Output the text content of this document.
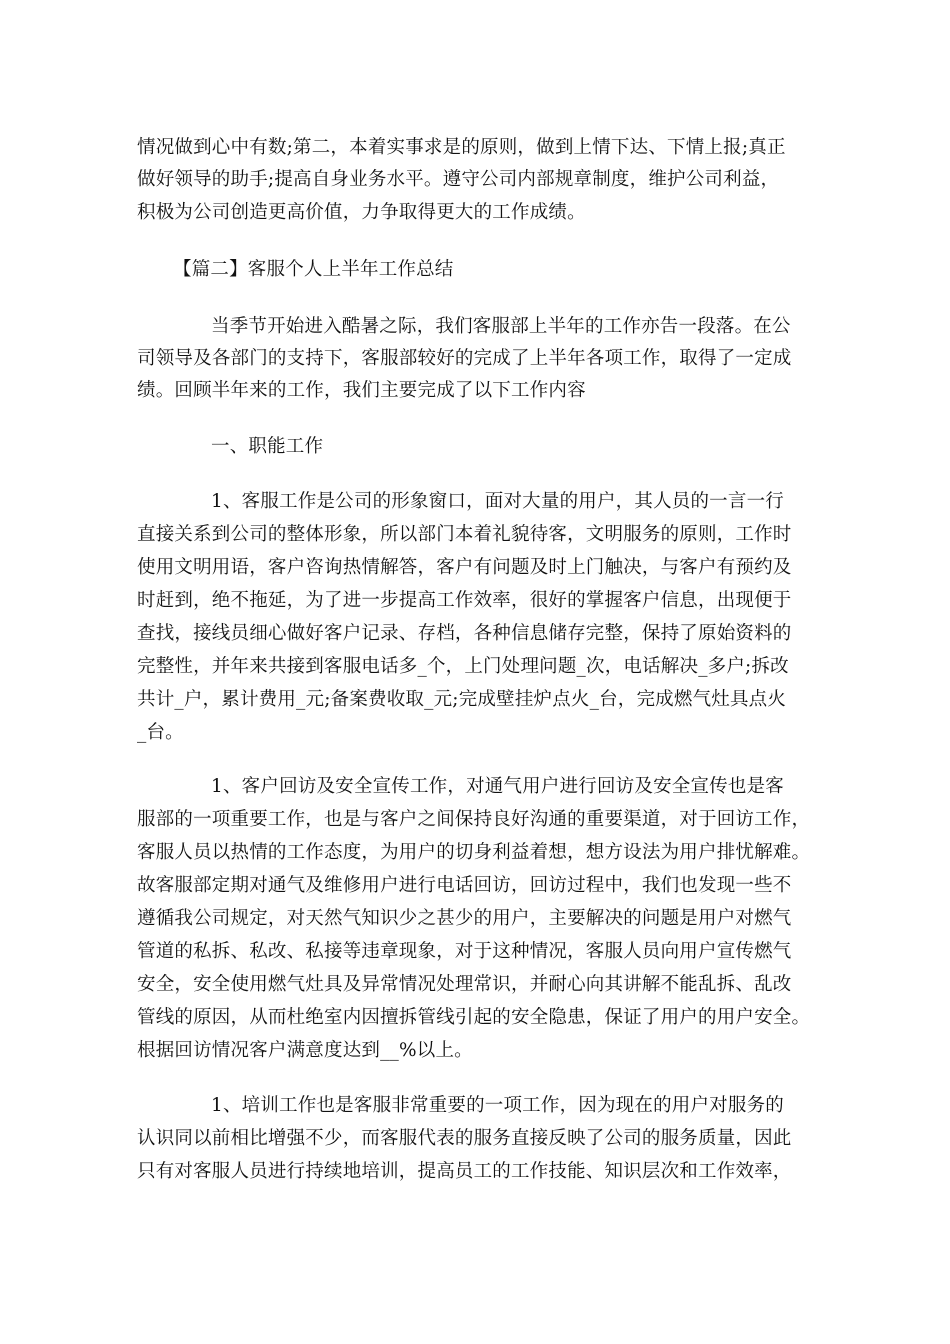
情况做到心中有数;第二，本着实事求是的原则，做到上情下达、下情上报;真正
做好领导的助手;提高自身业务水平。遵守公司内部规章制度，维护公司利益，
积极为公司创造更高价值，力争取得更大的工作成绩。
【篇二】客服个人上半年工作总结
当季节开始进入酷暑之际，我们客服部上半年的工作亦告一段落。在公
司领导及各部门的支持下，客服部较好的完成了上半年各项工作，取得了一定成
绩。回顾半年来的工作，我们主要完成了以下工作内容
一、职能工作
1、客服工作是公司的形象窗口，面对大量的用户，其人员的一言一行
直接关系到公司的整体形象，所以部门本着礼貌待客，文明服务的原则，工作时
使用文明用语，客户咨询热情解答，客户有问题及时上门触决，与客户有预约及
时赶到，绝不拖延，为了进一步提高工作效率，很好的掌握客户信息，出现便于
查找，接线员细心做好客户记录、存档，各种信息储存完整，保持了原始资料的
完整性，并年来共接到客服电话多_个，上门处理问题_次，电话解决_多户;拆改
共计_户，累计费用_元;备案费收取_元;完成壁挂炉点火_台，完成燃气灶具点火
_台。
1、客户回访及安全宣传工作，对通气用户进行回访及安全宣传也是客
服部的一项重要工作，也是与客户之间保持良好沟通的重要渠道，对于回访工作，
客服人员以热情的工作态度，为用户的切身利益着想，想方设法为用户排忧解难。
故客服部定期对通气及维修用户进行电话回访，回访过程中，我们也发现一些不
遵循我公司规定，对天然气知识少之甚少的用户，主要解决的问题是用户对燃气
管道的私拆、私改、私接等违章现象，对于这种情况，客服人员向用户宣传燃气
安全，安全使用燃气灶具及异常情况处理常识，并耐心向其讲解不能乱拆、乱改
管线的原因，从而杜绝室内因擅拆管线引起的安全隐患，保证了用户的用户安全。
根据回访情况客户满意度达到__%以上。
1、培训工作也是客服非常重要的一项工作，因为现在的用户对服务的
认识同以前相比增强不少，而客服代表的服务直接反映了公司的服务质量，因此
只有对客服人员进行持续地培训，提高员工的工作技能、知识层次和工作效率，
